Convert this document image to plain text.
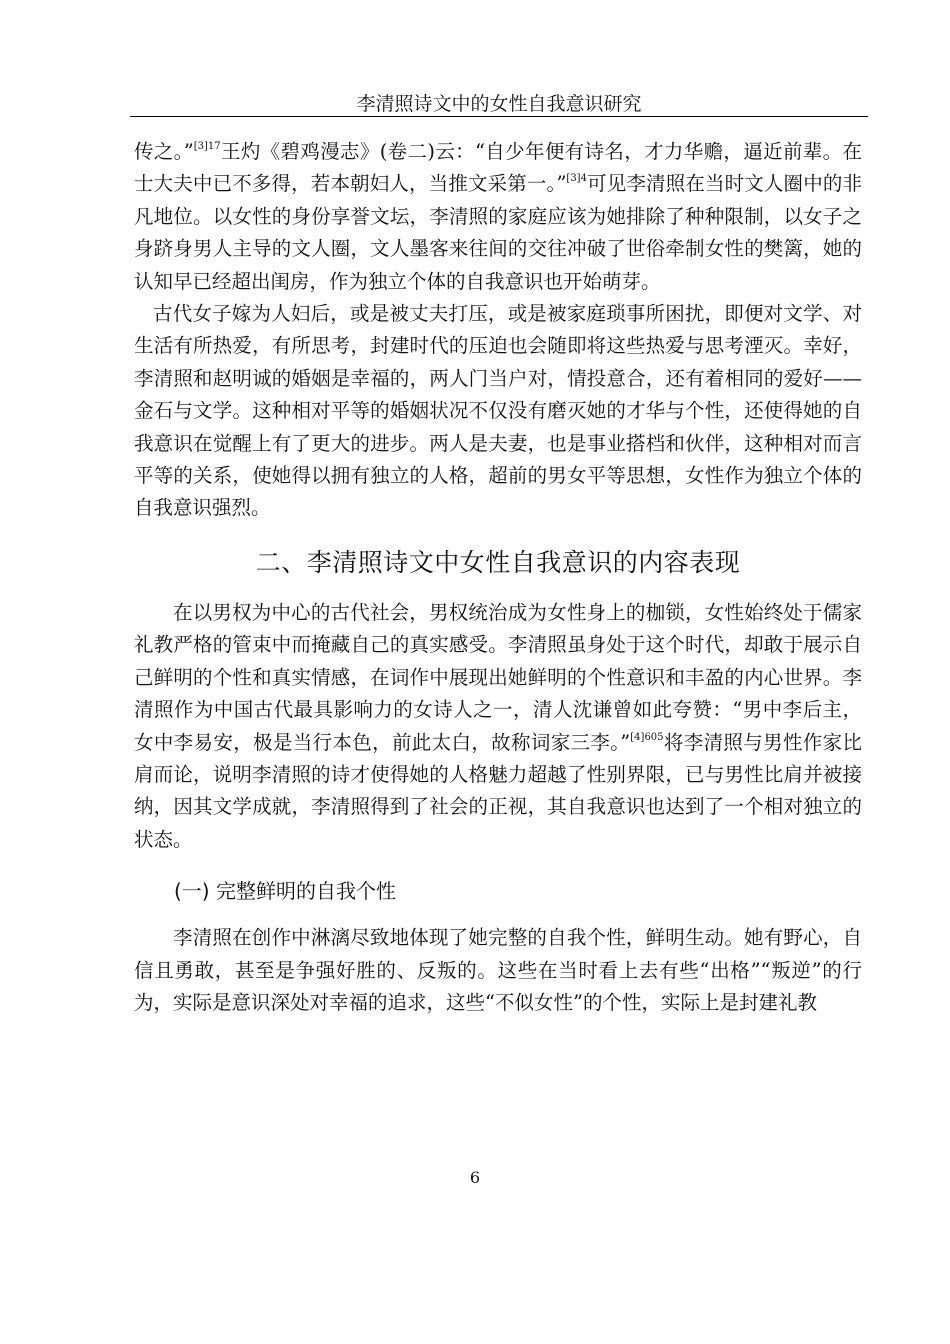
李清照诗文中的女性自我意识研究

传之。”$^{[3]17}$王灼《碧鸡漫志》(卷二)云：“自少年便有诗名，才力华赡，逼近前辈。在士大夫中已不多得，若本朝妇人，当推文采第一。”$^{[3]4}$可见李清照在当时文人圈中的非凡地位。以女性的身份享誉文坛，李清照的家庭应该为她排除了种种限制，以女子之身跻身男人主导的文人圈，文人墨客来往间的交往冲破了世俗牵制女性的樊篱，她的认知早已经超出闺房，作为独立个体的自我意识也开始萌芽。

古代女子嫁为人妇后，或是被丈夫打压，或是被家庭琐事所困扰，即便对文学、对生活有所热爱，有所思考，封建时代的压迫也会随即将这些热爱与思考湮灭。幸好，李清照和赵明诚的婚姻是幸福的，两人门当户对，情投意合，还有着相同的爱好——金石与文学。这种相对平等的婚姻状况不仅没有磨灭她的才华与个性，还使得她的自我意识在觉醒上有了更大的进步。两人是夫妻，也是事业搭档和伙伴，这种相对而言平等的关系，使她得以拥有独立的人格，超前的男女平等思想，女性作为独立个体的自我意识强烈。

二、李清照诗文中女性自我意识的内容表现

在以男权为中心的古代社会，男权统治成为女性身上的枷锁，女性始终处于儒家礼教严格的管束中而掩藏自己的真实感受。李清照虽身处于这个时代，却敢于展示自己鲜明的个性和真实情感，在词作中展现出她鲜明的个性意识和丰盈的内心世界。李清照作为中国古代最具影响力的女诗人之一，清人沈谦曾如此夸赞：“男中李后主，女中李易安，极是当行本色，前此太白，故称词家三李。”$^{[4]605}$将李清照与男性作家比肩而论，说明李清照的诗才使得她的人格魅力超越了性别界限，已与男性比肩并被接纳，因其文学成就，李清照得到了社会的正视，其自我意识也达到了一个相对独立的状态。

(一) 完整鲜明的自我个性

李清照在创作中淋漓尽致地体现了她完整的自我个性，鲜明生动。她有野心，自信且勇敢，甚至是争强好胜的、反叛的。这些在当时看上去有些“出格”“叛逆”的行为，实际是意识深处对幸福的追求，这些“不似女性”的个性，实际上是封建礼教

6
